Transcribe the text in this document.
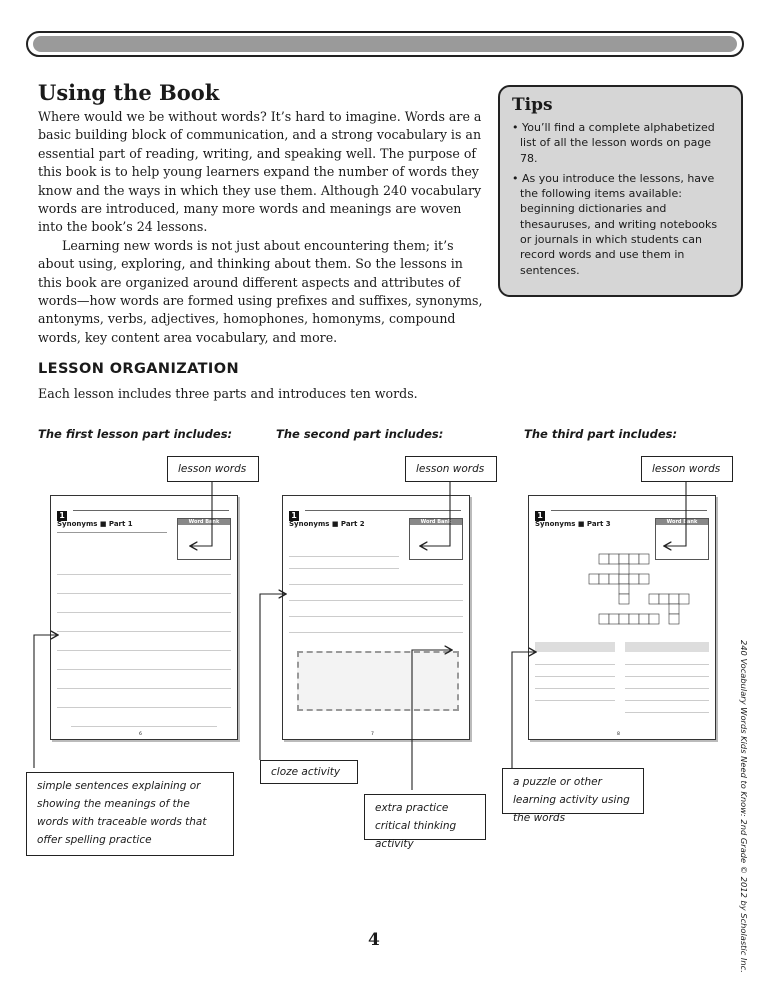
Using the Book

Where would we be without words? It’s hard to imagine. Words are a basic building block of communication, and a strong vocabulary is an essential part of reading, writing, and speaking well. The purpose of this book is to help young learners expand the number of words they know and the ways in which they use them. Although 240 vocabulary words are introduced, many more words and meanings are woven into the book’s 24 lessons.

Learning new words is not just about encountering them; it’s about using, exploring, and thinking about them. So the lessons in this book are organized around different aspects and attributes of words—how words are formed using prefixes and suffixes, synonyms, antonyms, verbs, adjectives, homophones, homonyms, compound words, key content area vocabulary, and more.

Tips
• You’ll find a complete alphabetized list of all the lesson words on page 78.
• As you introduce the lessons, have the following items available: beginning dictionaries and thesauruses, and writing notebooks or journals in which students can record words and use them in sentences.
LESSON ORGANIZATION
Each lesson includes three parts and introduces ten words.
The first lesson part includes:	The second part includes:	The third part includes:
lesson words	lesson words	lesson words
1
Synonyms ■ Part 1	Word Bank
6
1
Synonyms ■ Part 2	Word Bank
7
1
Synonyms ■ Part 3	Word Bank
8
simple sentences explaining or showing the meanings of the words with traceable words that offer spelling practice
cloze activity
extra practice critical thinking activity
a puzzle or other learning activity using the words
4	240 Vocabulary Words Kids Need to Know: 2nd Grade © 2012 by Scholastic Inc.
